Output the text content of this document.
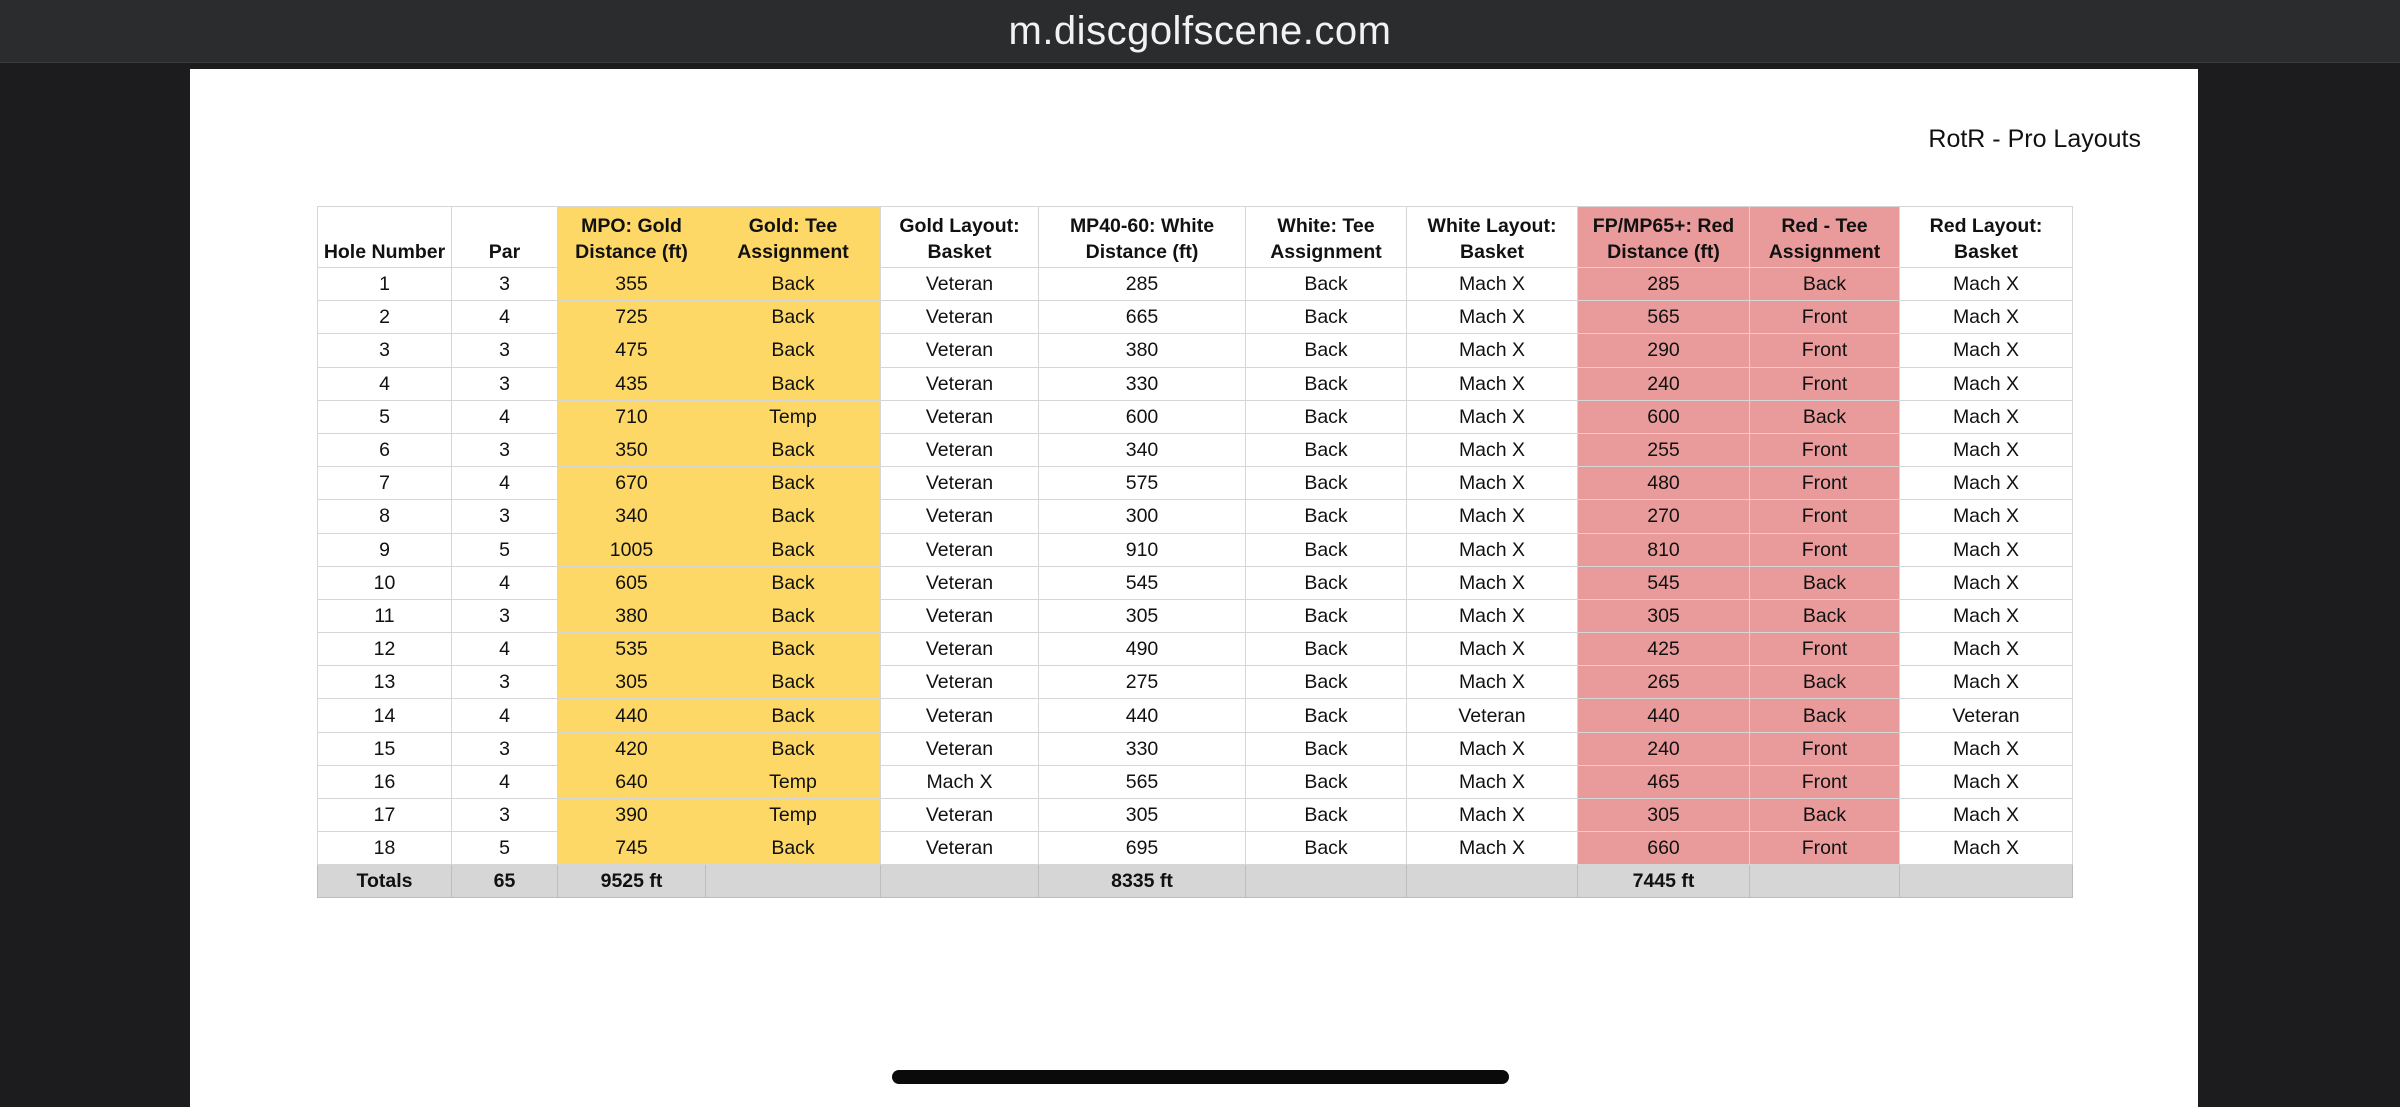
m.discgolfscene.com
RotR - Pro Layouts
Hole Number	Par	MPO: Gold Distance (ft)	Gold: Tee Assignment	Gold Layout: Basket	MP40-60: White Distance (ft)	White: Tee Assignment	White Layout: Basket	FP/MP65+: Red Distance (ft)	Red - Tee Assignment	Red Layout: Basket
1	3	355	Back	Veteran	285	Back	Mach X	285	Back	Mach X
2	4	725	Back	Veteran	665	Back	Mach X	565	Front	Mach X
3	3	475	Back	Veteran	380	Back	Mach X	290	Front	Mach X
4	3	435	Back	Veteran	330	Back	Mach X	240	Front	Mach X
5	4	710	Temp	Veteran	600	Back	Mach X	600	Back	Mach X
6	3	350	Back	Veteran	340	Back	Mach X	255	Front	Mach X
7	4	670	Back	Veteran	575	Back	Mach X	480	Front	Mach X
8	3	340	Back	Veteran	300	Back	Mach X	270	Front	Mach X
9	5	1005	Back	Veteran	910	Back	Mach X	810	Front	Mach X
10	4	605	Back	Veteran	545	Back	Mach X	545	Back	Mach X
11	3	380	Back	Veteran	305	Back	Mach X	305	Back	Mach X
12	4	535	Back	Veteran	490	Back	Mach X	425	Front	Mach X
13	3	305	Back	Veteran	275	Back	Mach X	265	Back	Mach X
14	4	440	Back	Veteran	440	Back	Veteran	440	Back	Veteran
15	3	420	Back	Veteran	330	Back	Mach X	240	Front	Mach X
16	4	640	Temp	Mach X	565	Back	Mach X	465	Front	Mach X
17	3	390	Temp	Veteran	305	Back	Mach X	305	Back	Mach X
18	5	745	Back	Veteran	695	Back	Mach X	660	Front	Mach X
Totals	65	9525 ft			8335 ft			7445 ft		
